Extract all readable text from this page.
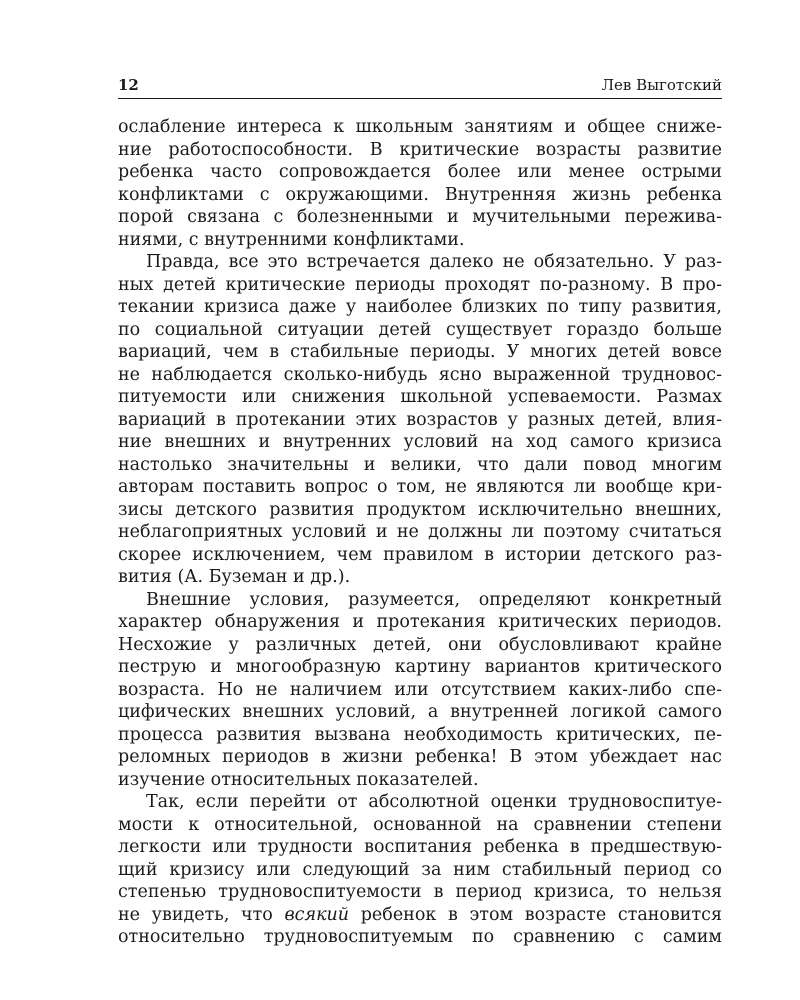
12	Лев Выготский
ослабление интереса к школьным занятиям и общее сниже-
ние работоспособности. В критические возрасты развитие
ребенка часто сопровождается более или менее острыми
конфликтами с окружающими. Внутренняя жизнь ребенка
порой связана с болезненными и мучительными пережива-
ниями, с внутренними конфликтами.
Правда, все это встречается далеко не обязательно. У раз-
ных детей критические периоды проходят по-разному. В про-
текании кризиса даже у наиболее близких по типу развития,
по социальной ситуации детей существует гораздо больше
вариаций, чем в стабильные периоды. У многих детей вовсе
не наблюдается сколько-нибудь ясно выраженной трудновос-
питуемости или снижения школьной успеваемости. Размах
вариаций в протекании этих возрастов у разных детей, влия-
ние внешних и внутренних условий на ход самого кризиса
настолько значительны и велики, что дали повод многим
авторам поставить вопрос о том, не являются ли вообще кри-
зисы детского развития продуктом исключительно внешних,
неблагоприятных условий и не должны ли поэтому считаться
скорее исключением, чем правилом в истории детского раз-
вития (А. Буземан и др.).
Внешние условия, разумеется, определяют конкретный
характер обнаружения и протекания критических периодов.
Несхожие у различных детей, они обусловливают крайне
пеструю и многообразную картину вариантов критического
возраста. Но не наличием или отсутствием каких-либо спе-
цифических внешних условий, а внутренней логикой самого
процесса развития вызвана необходимость критических, пе-
реломных периодов в жизни ребенка! В этом убеждает нас
изучение относительных показателей.
Так, если перейти от абсолютной оценки трудновоспитуе-
мости к относительной, основанной на сравнении степени
легкости или трудности воспитания ребенка в предшествую-
щий кризису или следующий за ним стабильный период со
степенью трудновоспитуемости в период кризиса, то нельзя
не увидеть, что всякий ребенок в этом возрасте становится
относительно трудновоспитуемым по сравнению с самим
